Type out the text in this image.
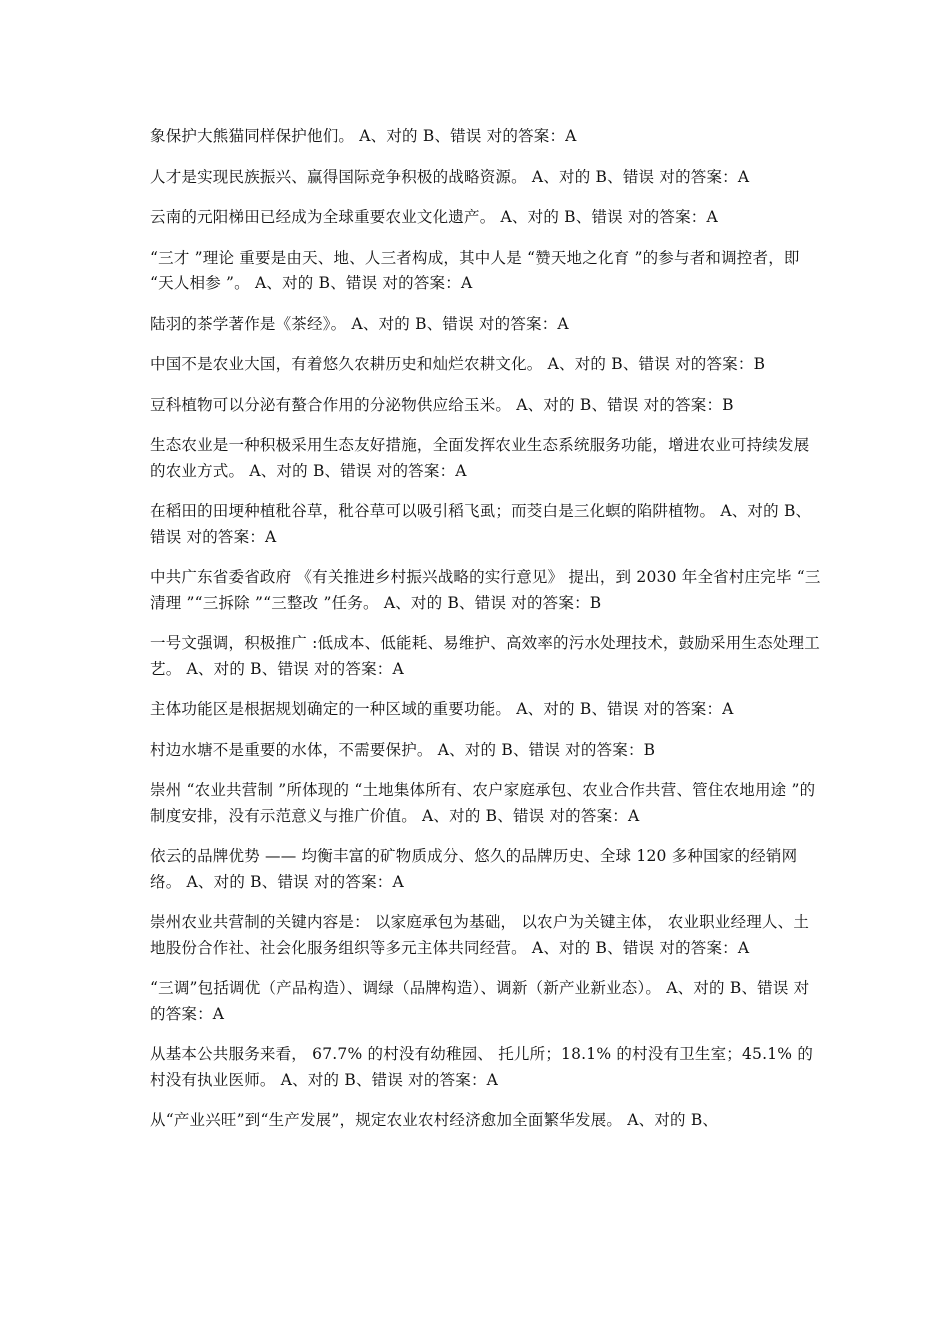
象保护大熊猫同样保护他们。 A、对的 B、错误 对的答案：A

人才是实现民族振兴、赢得国际竞争积极的战略资源。 A、对的 B、错误 对的答案：A

云南的元阳梯田已经成为全球重要农业文化遗产。 A、对的 B、错误 对的答案：A

“三才 ”理论 重要是由天、地、人三者构成，其中人是 “赞天地之化育 ”的参与者和调控者，即 “天人相参 ”。 A、对的 B、错误 对的答案：A

陆羽的茶学著作是《茶经》。 A、对的 B、错误 对的答案：A

中国不是农业大国，有着悠久农耕历史和灿烂农耕文化。 A、对的 B、错误 对的答案：B

豆科植物可以分泌有螯合作用的分泌物供应给玉米。 A、对的 B、错误 对的答案：B

生态农业是一种积极采用生态友好措施，全面发挥农业生态系统服务功能，增进农业可持续发展的农业方式。 A、对的 B、错误 对的答案：A

在稻田的田埂种植秕谷草，秕谷草可以吸引稻飞虱；而茭白是三化螟的陷阱植物。 A、对的 B、错误 对的答案：A

中共广东省委省政府 《有关推进乡村振兴战略的实行意见》 提出，到 2030 年全省村庄完毕 “三清理 ”“三拆除 ”“三整改 ”任务。 A、对的 B、错误 对的答案：B

一号文强调，积极推广 :低成本、低能耗、易维护、高效率的污水处理技术，鼓励采用生态处理工艺。 A、对的 B、错误 对的答案：A

主体功能区是根据规划确定的一种区域的重要功能。 A、对的 B、错误 对的答案：A

村边水塘不是重要的水体，不需要保护。 A、对的 B、错误 对的答案：B

崇州 “农业共营制 ”所体现的 “土地集体所有、农户家庭承包、农业合作共营、管住农地用途 ”的制度安排，没有示范意义与推广价值。 A、对的 B、错误 对的答案：A

依云的品牌优势 —— 均衡丰富的矿物质成分、悠久的品牌历史、全球 120 多种国家的经销网络。 A、对的 B、错误 对的答案：A

崇州农业共营制的关键内容是： 以家庭承包为基础， 以农户为关键主体， 农业职业经理人、土地股份合作社、社会化服务组织等多元主体共同经营。 A、对的 B、错误 对的答案：A

“三调”包括调优（产品构造）、调绿（品牌构造）、调新（新产业新业态）。 A、对的 B、错误 对的答案：A

从基本公共服务来看， 67.7% 的村没有幼稚园、 托儿所；18.1% 的村没有卫生室；45.1% 的村没有执业医师。 A、对的 B、错误 对的答案：A

从“产业兴旺”到“生产发展”，规定农业农村经济愈加全面繁华发展。 A、对的 B、
